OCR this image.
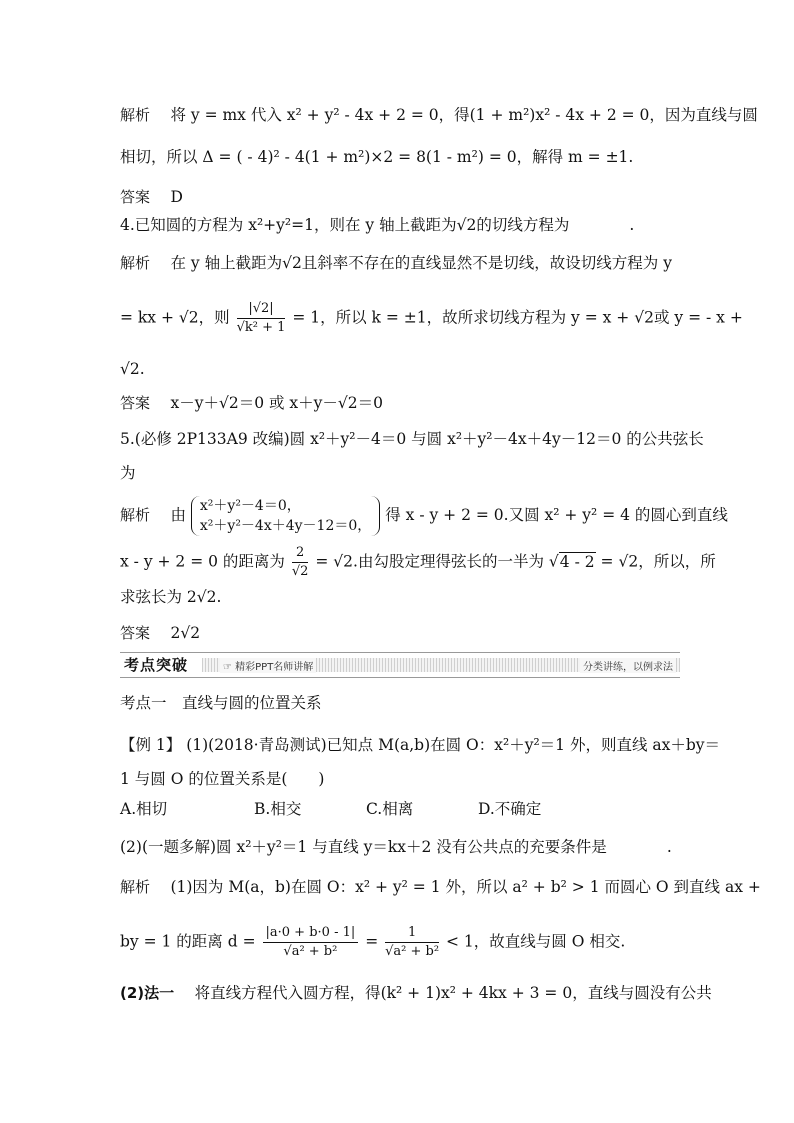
解析　 将 y = mx 代入 x² + y² - 4x + 2 = 0，得(1 + m²)x² - 4x + 2 = 0，因为直线与圆
相切，所以 Δ = ( - 4)² - 4(1 + m²)×2 = 8(1 - m²) = 0，解得 m = ±1.
答案　 D
4.已知圆的方程为 x²+y²=1，则在 y 轴上截距为√2的切线方程为	.
解析　 在 y 轴上截距为√2且斜率不存在的直线显然不是切线，故设切线方程为 y
= kx + √2，则 $\frac{|√2|}{\text{√k² + 1}} = 1$，所以 k = ±1，故所求切线方程为 y = x + √2或 y = - x +
√2.
答案　 x－y＋√2＝0 或 x＋y－√2＝0
5.(必修 2P133A9 改编)圆 x²＋y²－4＝0 与圆 x²＋y²－4x＋4y－12＝0 的公共弦长
为
解析　 由 x²＋y²－4＝0，
x²＋y²－4x＋4y－12＝0，
得 x - y + 2 = 0.又圆 x² + y² = 4 的圆心到直线
x - y + 2 = 0 的距离为 $\frac{2}{√2} = √2$.由勾股定理得弦长的一半为 √4 - 2 = √2，所以，所
求弦长为 2√2.
答案　 2√2
考点突破	☞ 精彩PPT名师讲解	分类讲练，以例求法
考点一　直线与圆的位置关系
【例 1】 (1)(2018·青岛测试)已知点 M(a,b)在圆 O：x²＋y²＝1 外，则直线 ax＋by＝
1 与圆 O 的位置关系是(　　)
A.相切	B.相交	C.相离	D.不确定
(2)(一题多解)圆 x²＋y²＝1 与直线 y＝kx＋2 没有公共点的充要条件是	.
解析　 (1)因为 M(a，b)在圆 O：x² + y² = 1 外，所以 a² + b² > 1 而圆心 O 到直线 ax +
by = 1 的距离 $d = \frac{|a\cdot 0 + b\cdot 0 - 1|}{\text{√a² + b²}} = \frac{1}{\text{√a² + b²}} < 1$，故直线与圆 O 相交.
(2)法一　 将直线方程代入圆方程，得(k² + 1)x² + 4kx + 3 = 0，直线与圆没有公共
